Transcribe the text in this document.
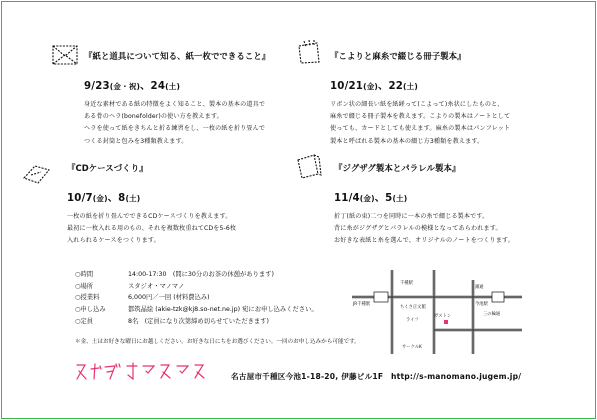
『紙と道具について知る、紙一枚でできること』
9/23(金・祝)、24(土)
身近な素材である紙の特徴をよく知ること、製本の基本の道具で
ある骨のヘラ(bonefolder)の使い方を教えます。
ヘラを使って紙をきちんと折る練習をし、一枚の紙を折り畳んで
つくる封筒と包みを3種類教えます。
『こよりと麻糸で綴じる冊子製本』
10/21(金)、22(土)
リボン状の細長い紙を紙縒って(こよって)糸状にしたものと、
麻糸で綴じる冊子製本を教えます。こよりの製本はノートとして
使っても、カードとしても使えます。麻糸の製本はパンフレット
製本と呼ばれる製本の基本の綴じ方3種類を教えます。
『CDケースづくり』
10/7(金)、8(土)
一枚の紙を折り畳んでできるCDケースづくりを教えます。
最初に一枚入れる用のもの、それを複数枚重ねてCDを5-6枚
入れられるケースをつくります。
『ジグザグ製本とパラレル製本』
11/4(金)、5(土)
折丁(紙の束)二つを同時に一本の糸で綴じる製本です。
背に糸がジグザグとパラレルの模様となってあらわれます。
お好きな表紙と糸を選んで、オリジナルのノートをつくります。
○時間	14:00-17:30　(間に30分のお茶の休憩があります)
○場所	スタジオ・マノマノ
○授業料	6,000円／一回 (材料費込み)
○申し込み	都筑晶絵 (akie-tzk@kj8.so-net.ne.jp) 宛にお申し込みください。
○定員	8名　(定員になり次第締め切らせていただきます)
＊金、土はお好きな曜日にお越しください。お好きな日にちをお選びください。一回のお申し込みから可能です。
千種駅
JR千種駅
ちくさ正文館
錦通
三の輪通
今池駅
ライフ
ガストン
サークルK
名古屋市千種区今池1-18-20, 伊藤ビル1F　http://s-manomano.jugem.jp/
